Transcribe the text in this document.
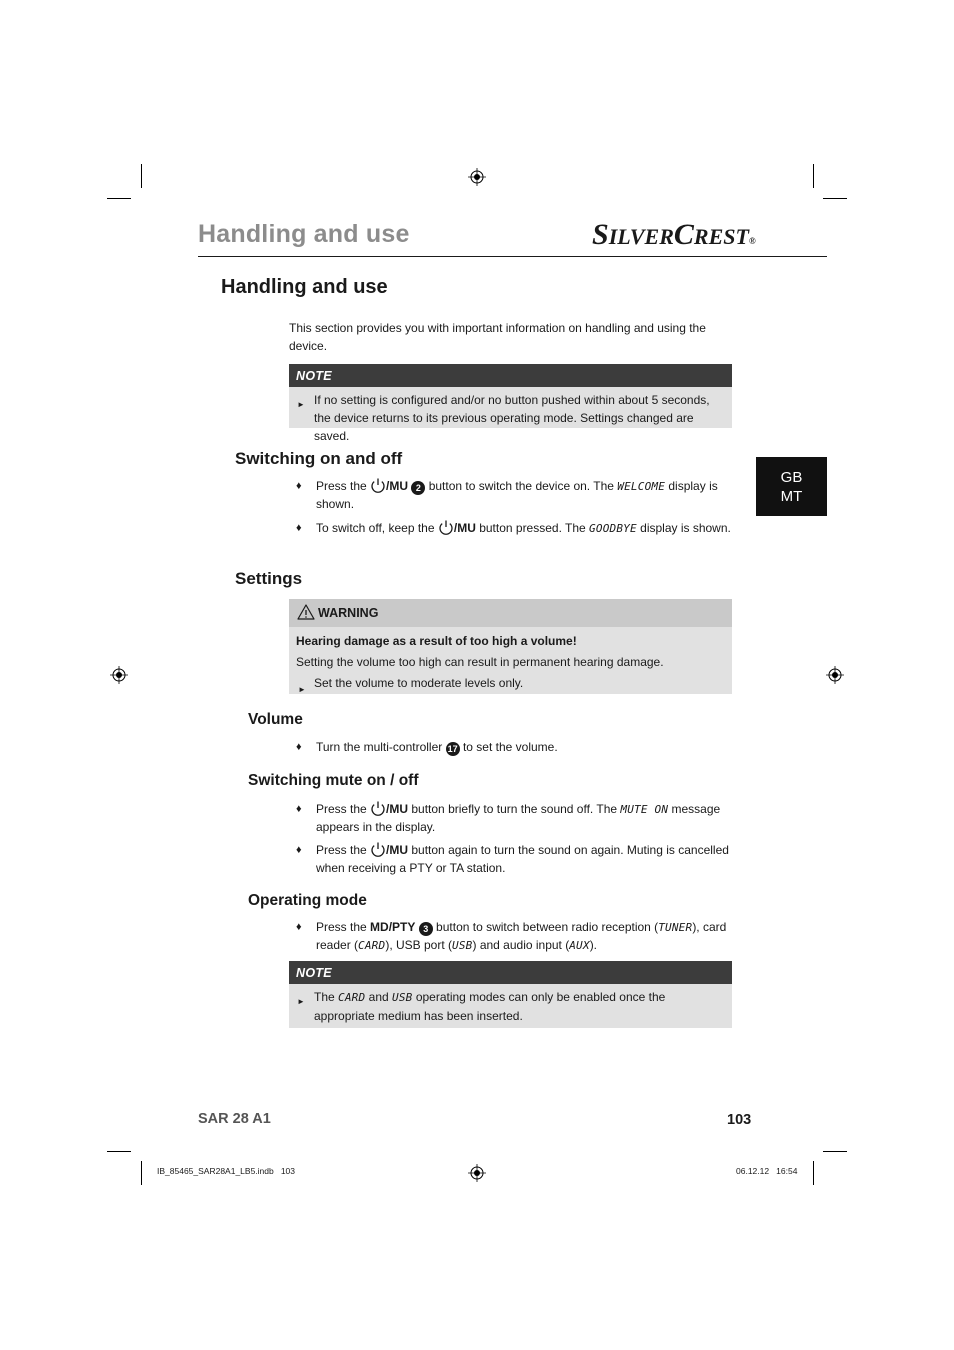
Handling and use	SILVERCREST®
Handling and use
This section provides you with important information on handling and using the device.
NOTE
► If no setting is configured and/or no button pushed within about 5 seconds, the device returns to its previous operating mode. Settings changed are saved.
GB
MT
Switching on and off
♦ Press the /MU 2 button to switch the device on. The WELCOME display is shown.
♦ To switch off, keep the /MU button pressed. The GOODBYE display is shown.
Settings
WARNING
Hearing damage as a result of too high a volume!
Setting the volume too high can result in permanent hearing damage.
► Set the volume to moderate levels only.
Volume
♦ Turn the multi-controller 17 to set the volume.
Switching mute on / off
♦ Press the /MU button briefly to turn the sound off. The MUTE ON message appears in the display.
♦ Press the /MU button again to turn the sound on again. Muting is cancelled when receiving a PTY or TA station.
Operating mode
♦ Press the MD/PTY 3 button to switch between radio reception (TUNER), card reader (CARD), USB port (USB) and audio input (AUX).
NOTE
► The CARD and USB operating modes can only be enabled once the appropriate medium has been inserted.
SAR 28 A1	103
IB_85465_SAR28A1_LB5.indb   103	06.12.12   16:54
